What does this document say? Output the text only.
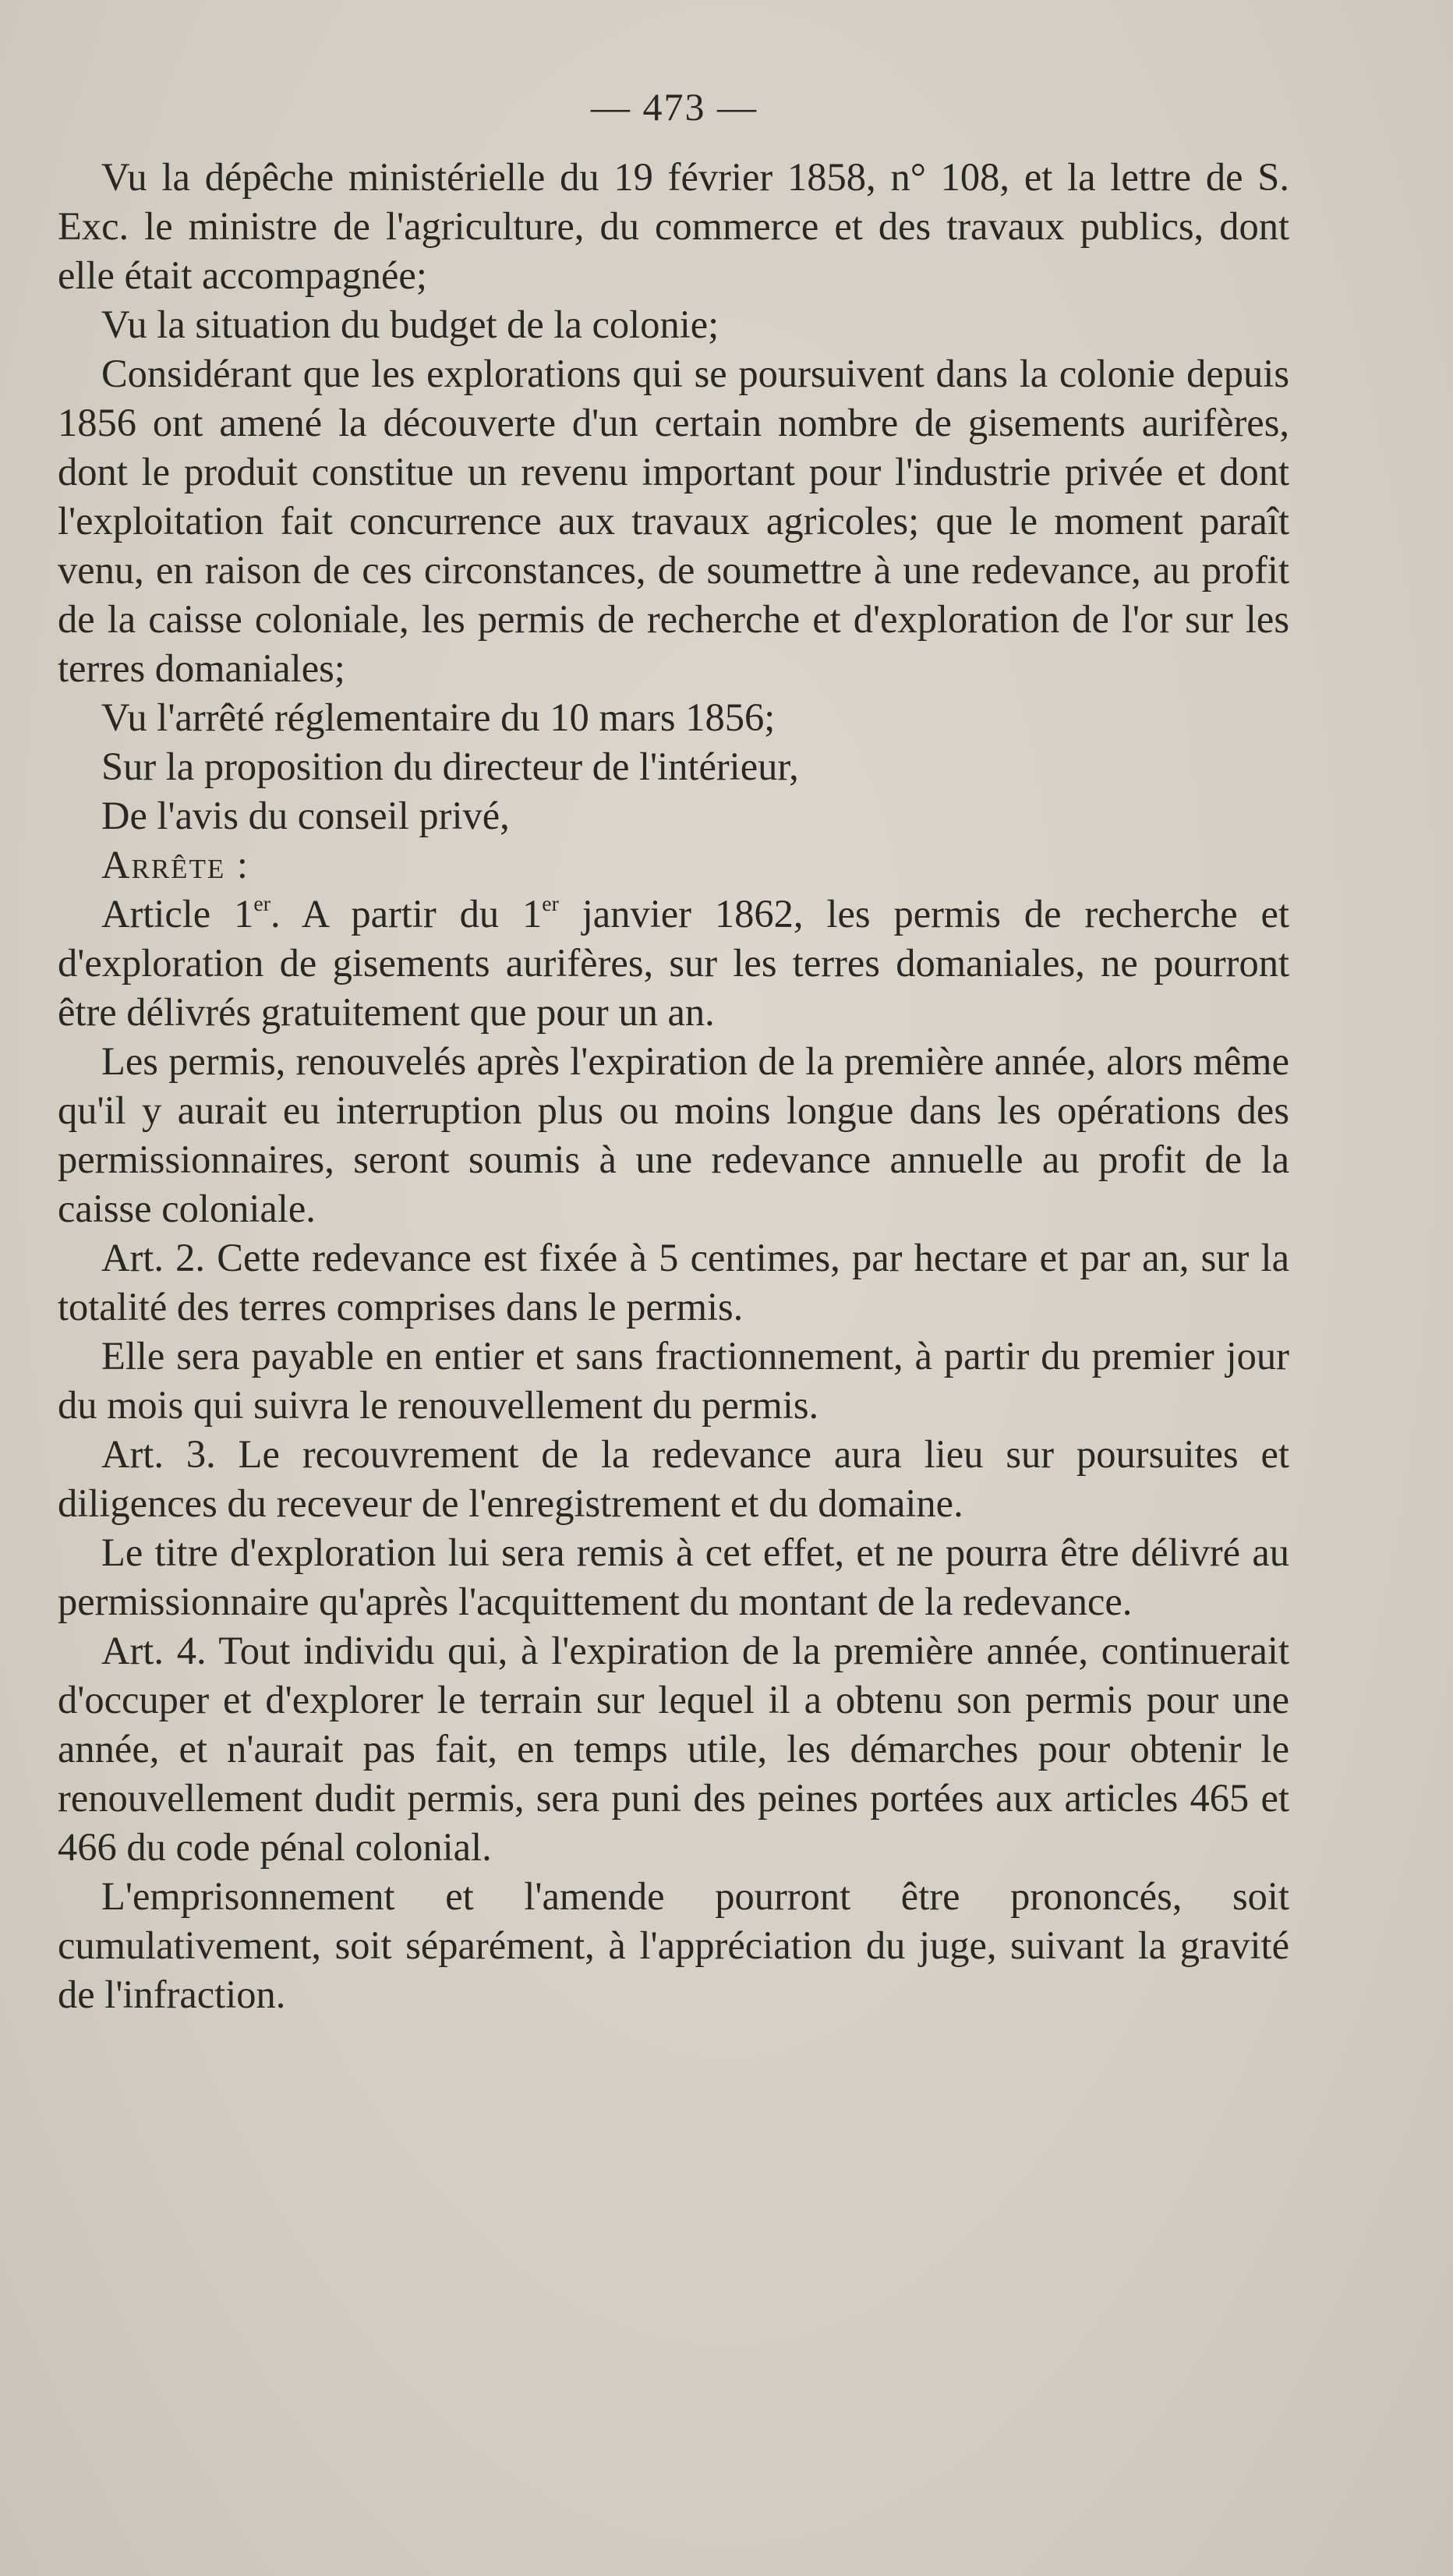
— 473 —

Vu la dépêche ministérielle du 19 février 1858, n° 108, et la lettre de S. Exc. le ministre de l'agriculture, du commerce et des travaux publics, dont elle était accompagnée;

Vu la situation du budget de la colonie;

Considérant que les explorations qui se poursuivent dans la colonie depuis 1856 ont amené la découverte d'un certain nombre de gisements aurifères, dont le produit constitue un revenu important pour l'industrie privée et dont l'exploitation fait concurrence aux travaux agricoles; que le moment paraît venu, en raison de ces circonstances, de soumettre à une redevance, au profit de la caisse coloniale, les permis de recherche et d'exploration de l'or sur les terres domaniales;

Vu l'arrêté réglementaire du 10 mars 1856;

Sur la proposition du directeur de l'intérieur,

De l'avis du conseil privé,

Arrête :

Article 1er. A partir du 1er janvier 1862, les permis de recherche et d'exploration de gisements aurifères, sur les terres domaniales, ne pourront être délivrés gratuitement que pour un an.

Les permis, renouvelés après l'expiration de la première année, alors même qu'il y aurait eu interruption plus ou moins longue dans les opérations des permissionnaires, seront soumis à une redevance annuelle au profit de la caisse coloniale.

Art. 2. Cette redevance est fixée à 5 centimes, par hectare et par an, sur la totalité des terres comprises dans le permis.

Elle sera payable en entier et sans fractionnement, à partir du premier jour du mois qui suivra le renouvellement du permis.

Art. 3. Le recouvrement de la redevance aura lieu sur poursuites et diligences du receveur de l'enregistrement et du domaine.

Le titre d'exploration lui sera remis à cet effet, et ne pourra être délivré au permissionnaire qu'après l'acquittement du montant de la redevance.

Art. 4. Tout individu qui, à l'expiration de la première année, continuerait d'occuper et d'explorer le terrain sur lequel il a obtenu son permis pour une année, et n'aurait pas fait, en temps utile, les démarches pour obtenir le renouvellement dudit permis, sera puni des peines portées aux articles 465 et 466 du code pénal colonial.

L'emprisonnement et l'amende pourront être prononcés, soit cumulativement, soit séparément, à l'appréciation du juge, suivant la gravité de l'infraction.
